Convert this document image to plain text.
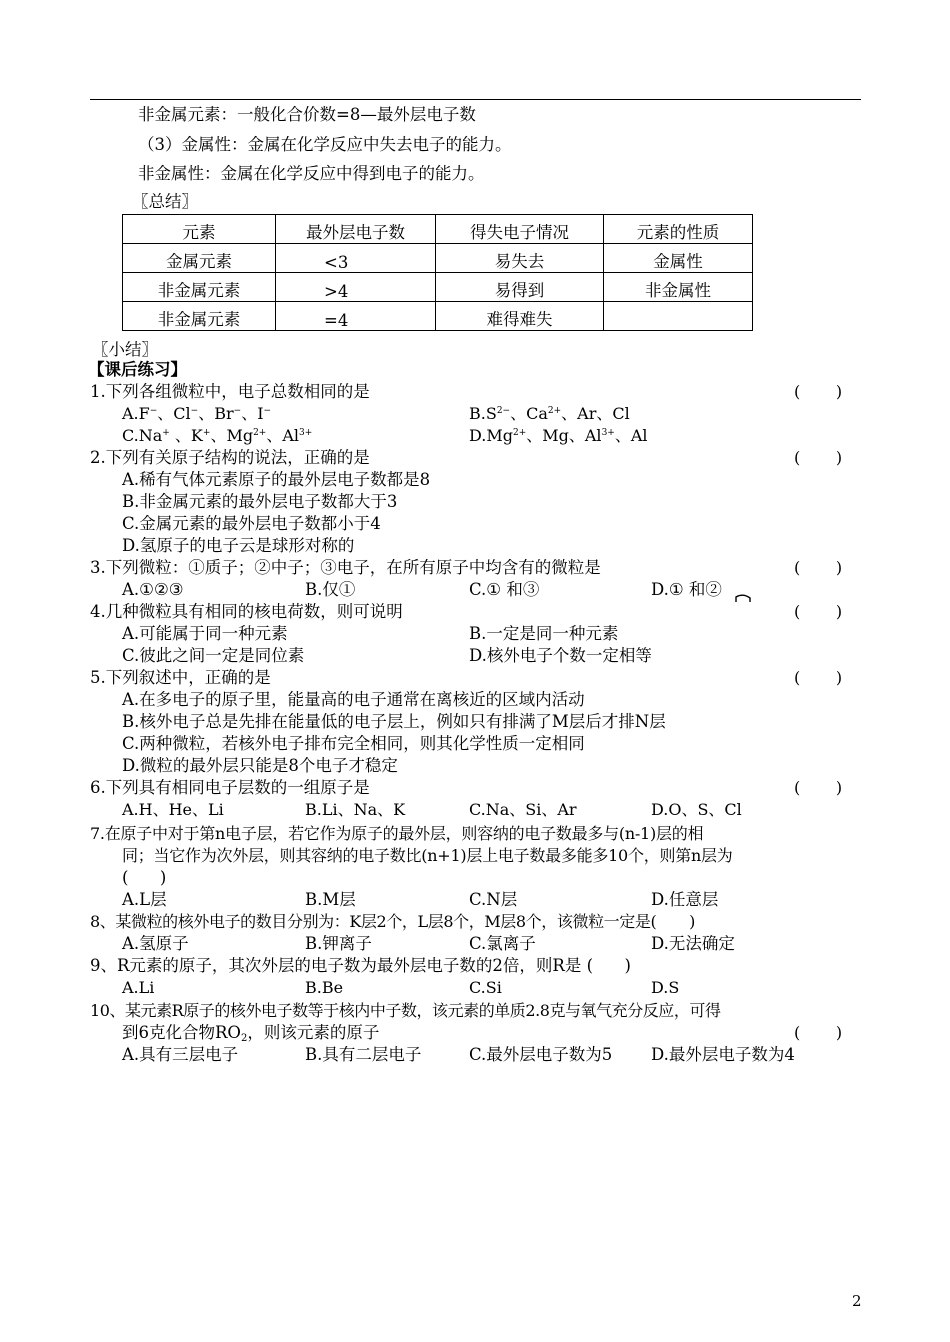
非金属元素：一般化合价数=8—最外层电子数
（3）金属性：金属在化学反应中失去电子的能力。
非金属性：金属在化学反应中得到电子的能力。
〖总结〗
元素	最外层电子数	得失电子情况	元素的性质
金属元素	<3	易失去	金属性
非金属元素	>4	易得到	非金属性
非金属元素	=4	难得难失	
〖小结〗
【课后练习】
1.下列各组微粒中，电子总数相同的是	(       )
A.F−、Cl−、Br−、I−	$B.S^{2-}$、$Ca^{2+}$、Ar、Cl
C.Na+ 、K+、$Mg^{2+}$、$Al^{3+}$	$D.Mg^{2+}$、Mg、$Al^{3+}$、Al
2.下列有关原子结构的说法，正确的是	(       )
A.稀有气体元素原子的最外层电子数都是8
B.非金属元素的最外层电子数都大于3
C.金属元素的最外层电子数都小于4
D.氢原子的电子云是球形对称的
3.下列微粒：①质子；②中子；③电子，在所有原子中均含有的微粒是	(       )
A.①②③	B.仅①	C.① 和③	D.① 和②
4.几种微粒具有相同的核电荷数，则可说明	(       )
A.可能属于同一种元素	B.一定是同一种元素
C.彼此之间一定是同位素	D.核外电子个数一定相等
5.下列叙述中，正确的是	(       )
A.在多电子的原子里，能量高的电子通常在离核近的区域内活动
B.核外电子总是先排在能量低的电子层上，例如只有排满了M层后才排N层
C.两种微粒，若核外电子排布完全相同，则其化学性质一定相同
D.微粒的最外层只能是8个电子才稳定
6.下列具有相同电子层数的一组原子是	(       )
A.H、He、Li	B.Li、Na、K	C.Na、Si、Ar	D.O、S、Cl
7.在原子中对于第n电子层，若它作为原子的最外层，则容纳的电子数最多与(n-1)层的相
同；当它作为次外层，则其容纳的电子数比(n+1)层上电子数最多能多10个，则第n层为
(      )
A.L层	B.M层	C.N层	D.任意层
8、某微粒的核外电子的数目分别为：K层2个，L层8个，M层8个，该微粒一定是(       )
A.氢原子	B.钾离子	C.氯离子	D.无法确定
9、R元素的原子，其次外层的电子数为最外层电子数的2倍，则R是 (      )
A.Li	B.Be	C.Si	D.S
10、某元素R原子的核外电子数等于核内中子数，该元素的单质2.8克与氧气充分反应，可得
到6克化合物$RO_2$，则该元素的原子	(       )
A.具有三层电子	B.具有二层电子	C.最外层电子数为5 D.最外层电子数为4
2
